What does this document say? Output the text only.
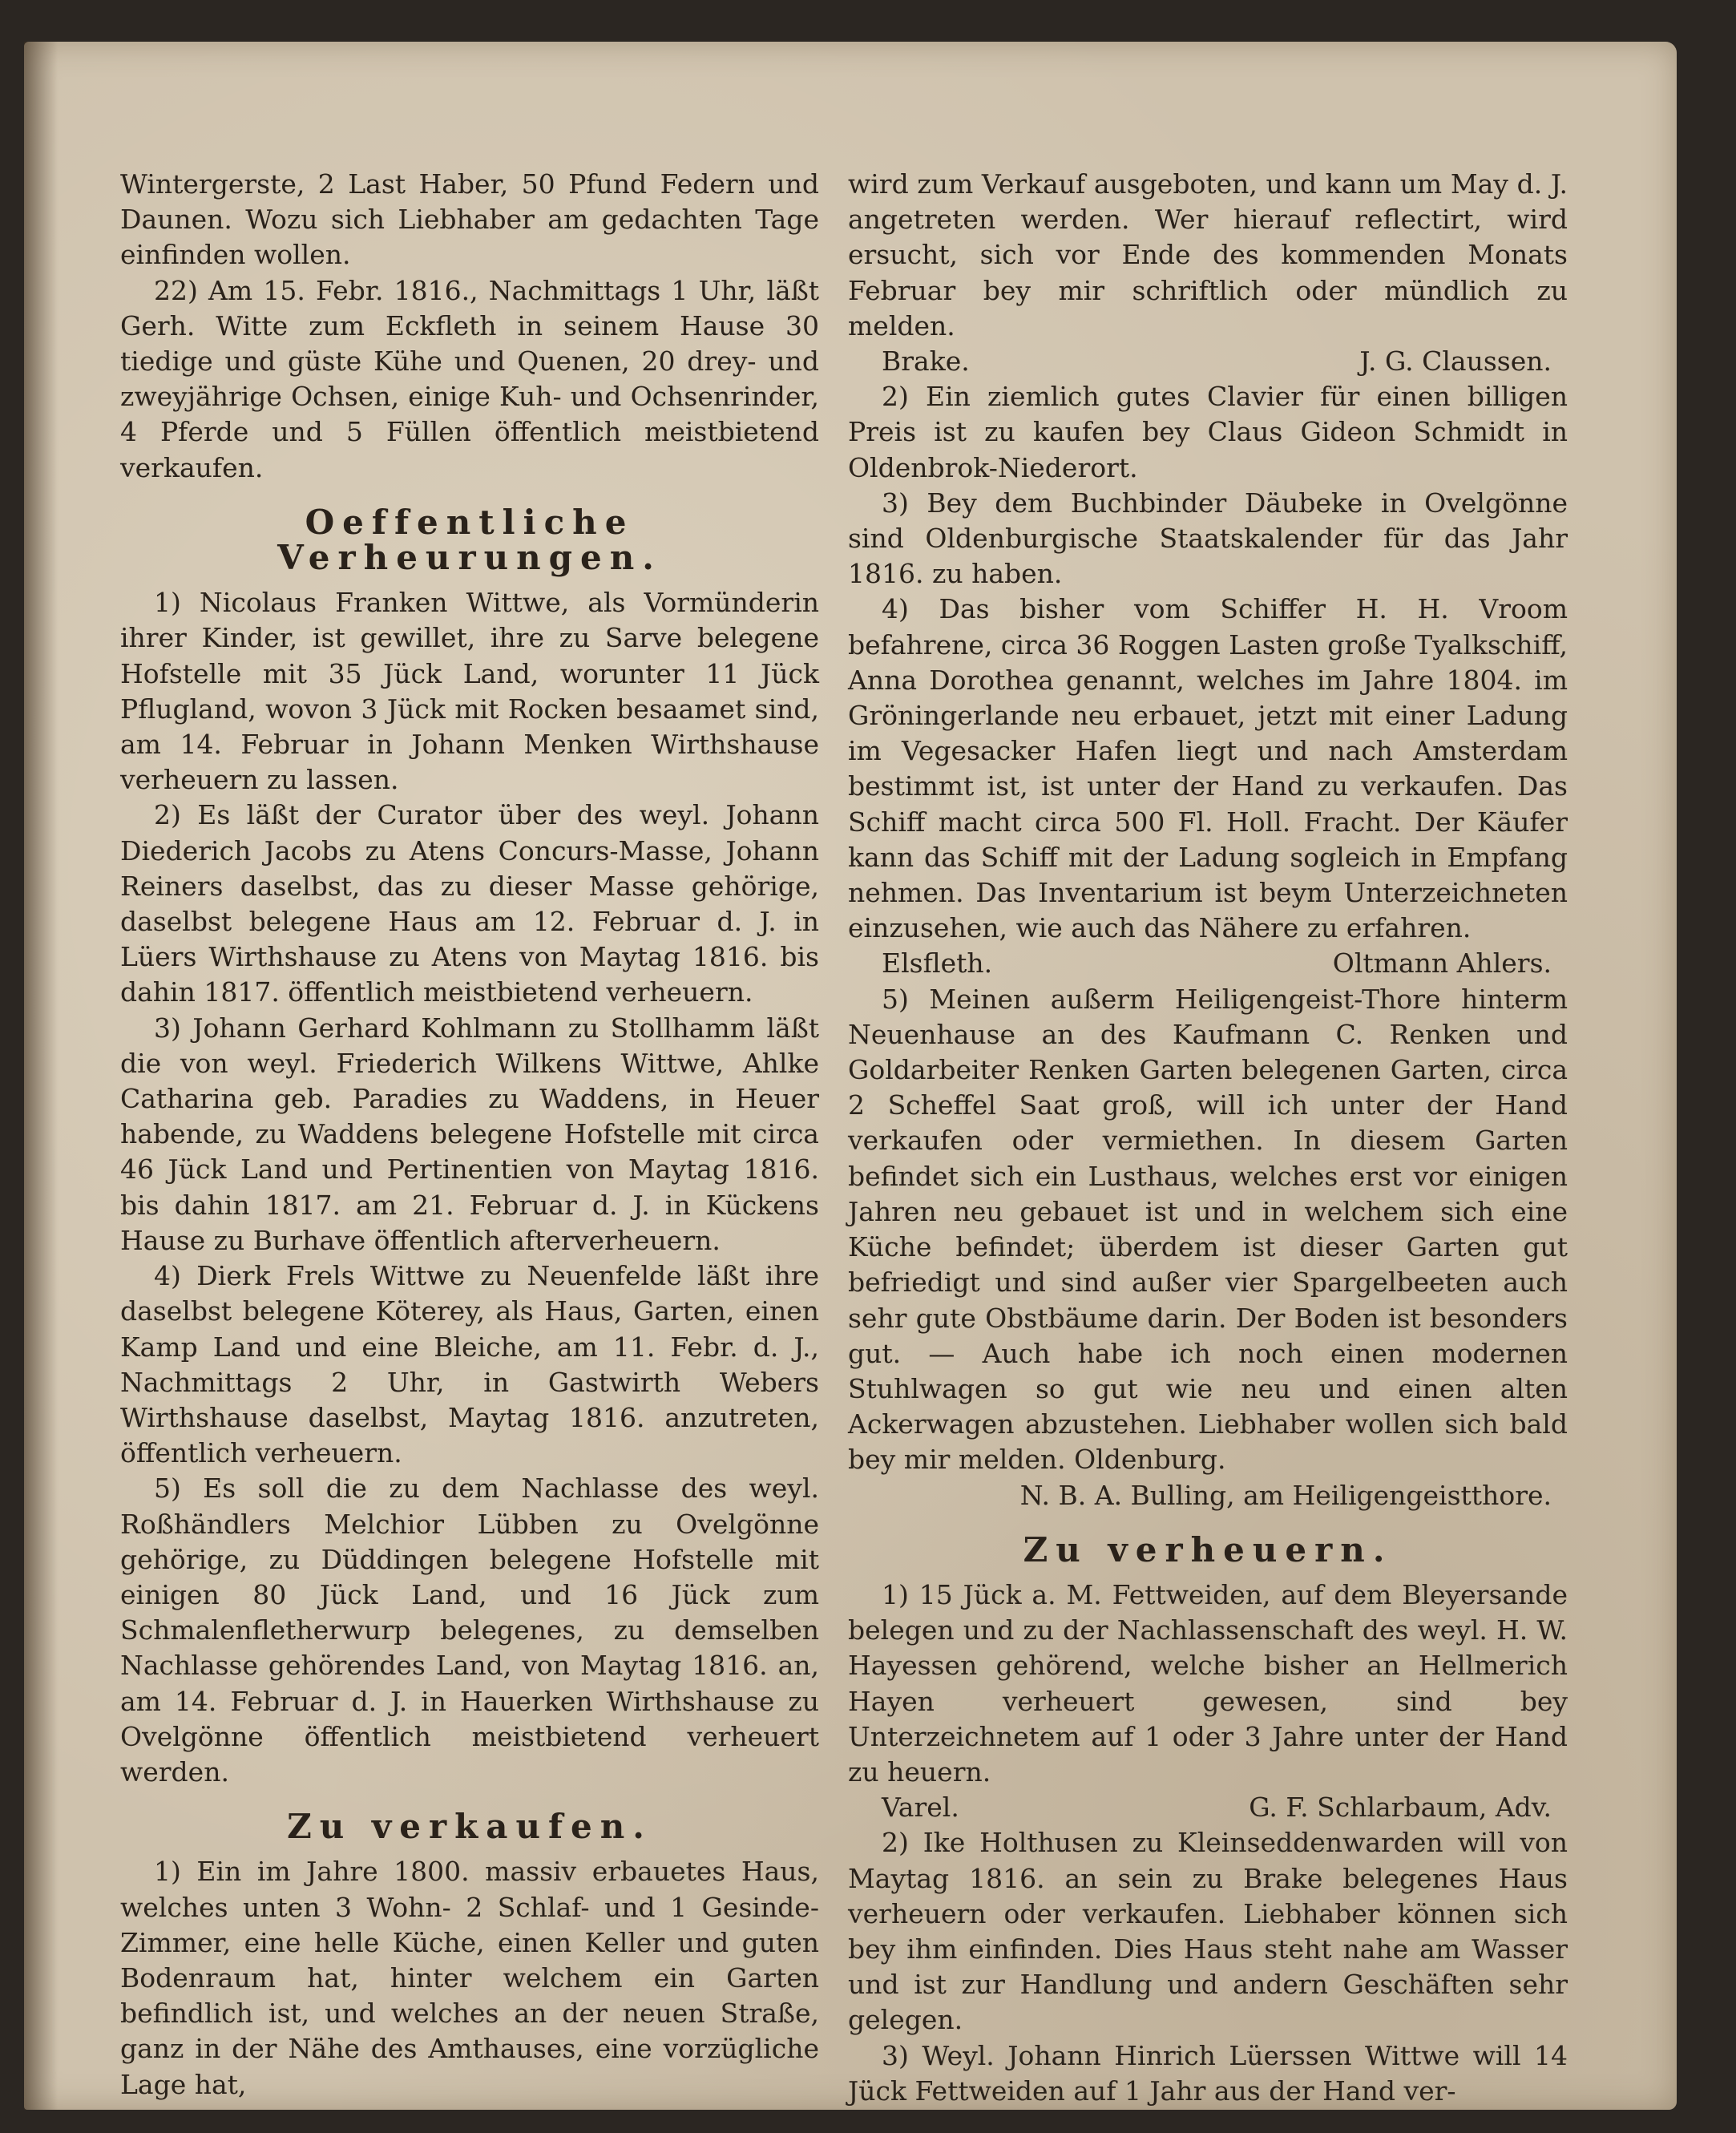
Wintergerste, 2 Last Haber, 50 Pfund Federn und Daunen. Wozu sich Liebhaber am gedachten Tage einfinden wollen.

22) Am 15. Febr. 1816., Nachmittags 1 Uhr, läßt Gerh. Witte zum Eckfleth in seinem Hause 30 tiedige und güste Kühe und Quenen, 20 drey- und zweyjährige Ochsen, einige Kuh- und Ochsenrinder, 4 Pferde und 5 Füllen öffentlich meistbietend verkaufen.

Oeffentliche Verheurungen.

1) Nicolaus Franken Wittwe, als Vormünderin ihrer Kinder, ist gewillet, ihre zu Sarve belegene Hofstelle mit 35 Jück Land, worunter 11 Jück Pflugland, wovon 3 Jück mit Rocken besaamet sind, am 14. Februar in Johann Menken Wirthshause verheuern zu lassen.

2) Es läßt der Curator über des weyl. Johann Diederich Jacobs zu Atens Concurs-Masse, Johann Reiners daselbst, das zu dieser Masse gehörige, daselbst belegene Haus am 12. Februar d. J. in Lüers Wirthshause zu Atens von Maytag 1816. bis dahin 1817. öffentlich meistbietend verheuern.

3) Johann Gerhard Kohlmann zu Stollhamm läßt die von weyl. Friederich Wilkens Wittwe, Ahlke Catharina geb. Paradies zu Waddens, in Heuer habende, zu Waddens belegene Hofstelle mit circa 46 Jück Land und Pertinentien von Maytag 1816. bis dahin 1817. am 21. Februar d. J. in Kückens Hause zu Burhave öffentlich afterverheuern.

4) Dierk Frels Wittwe zu Neuenfelde läßt ihre daselbst belegene Köterey, als Haus, Garten, einen Kamp Land und eine Bleiche, am 11. Febr. d. J., Nachmittags 2 Uhr, in Gastwirth Webers Wirthshause daselbst, Maytag 1816. anzutreten, öffentlich verheuern.

5) Es soll die zu dem Nachlasse des weyl. Roßhändlers Melchior Lübben zu Ovelgönne gehörige, zu Düddingen belegene Hofstelle mit einigen 80 Jück Land, und 16 Jück zum Schmalenfletherwurp belegenes, zu demselben Nachlasse gehörendes Land, von Maytag 1816. an, am 14. Februar d. J. in Hauerken Wirthshause zu Ovelgönne öffentlich meistbietend verheuert werden.

Zu verkaufen.

1) Ein im Jahre 1800. massiv erbauetes Haus, welches unten 3 Wohn- 2 Schlaf- und 1 Gesinde-Zimmer, eine helle Küche, einen Keller und guten Bodenraum hat, hinter welchem ein Garten befindlich ist, und welches an der neuen Straße, ganz in der Nähe des Amthauses, eine vorzügliche Lage hat,

wird zum Verkauf ausgeboten, und kann um May d. J. angetreten werden. Wer hierauf reflectirt, wird ersucht, sich vor Ende des kommenden Monats Februar bey mir schriftlich oder mündlich zu melden.

Brake.	J. G. Claussen.

2) Ein ziemlich gutes Clavier für einen billigen Preis ist zu kaufen bey Claus Gideon Schmidt in Oldenbrok-Niederort.

3) Bey dem Buchbinder Däubeke in Ovelgönne sind Oldenburgische Staatskalender für das Jahr 1816. zu haben.

4) Das bisher vom Schiffer H. H. Vroom befahrene, circa 36 Roggen Lasten große Tyalkschiff, Anna Dorothea genannt, welches im Jahre 1804. im Gröningerlande neu erbauet, jetzt mit einer Ladung im Vegesacker Hafen liegt und nach Amsterdam bestimmt ist, ist unter der Hand zu verkaufen. Das Schiff macht circa 500 Fl. Holl. Fracht. Der Käufer kann das Schiff mit der Ladung sogleich in Empfang nehmen. Das Inventarium ist beym Unterzeichneten einzusehen, wie auch das Nähere zu erfahren.

Elsfleth.	Oltmann Ahlers.

5) Meinen außerm Heiligengeist-Thore hinterm Neuenhause an des Kaufmann C. Renken und Goldarbeiter Renken Garten belegenen Garten, circa 2 Scheffel Saat groß, will ich unter der Hand verkaufen oder vermiethen. In diesem Garten befindet sich ein Lusthaus, welches erst vor einigen Jahren neu gebauet ist und in welchem sich eine Küche befindet; überdem ist dieser Garten gut befriedigt und sind außer vier Spargelbeeten auch sehr gute Obstbäume darin. Der Boden ist besonders gut. — Auch habe ich noch einen modernen Stuhlwagen so gut wie neu und einen alten Ackerwagen abzustehen. Liebhaber wollen sich bald bey mir melden. Oldenburg.

N. B. A. Bulling, am Heiligengeistthore.

Zu verheuern.

1) 15 Jück a. M. Fettweiden, auf dem Bleyersande belegen und zu der Nachlassenschaft des weyl. H. W. Hayessen gehörend, welche bisher an Hellmerich Hayen verheuert gewesen, sind bey Unterzeichnetem auf 1 oder 3 Jahre unter der Hand zu heuern.

Varel.	G. F. Schlarbaum, Adv.

2) Ike Holthusen zu Kleinseddenwarden will von Maytag 1816. an sein zu Brake belegenes Haus verheuern oder verkaufen. Liebhaber können sich bey ihm einfinden. Dies Haus steht nahe am Wasser und ist zur Handlung und andern Geschäften sehr gelegen.

3) Weyl. Johann Hinrich Lüerssen Wittwe will 14 Jück Fettweiden auf 1 Jahr aus der Hand ver-
